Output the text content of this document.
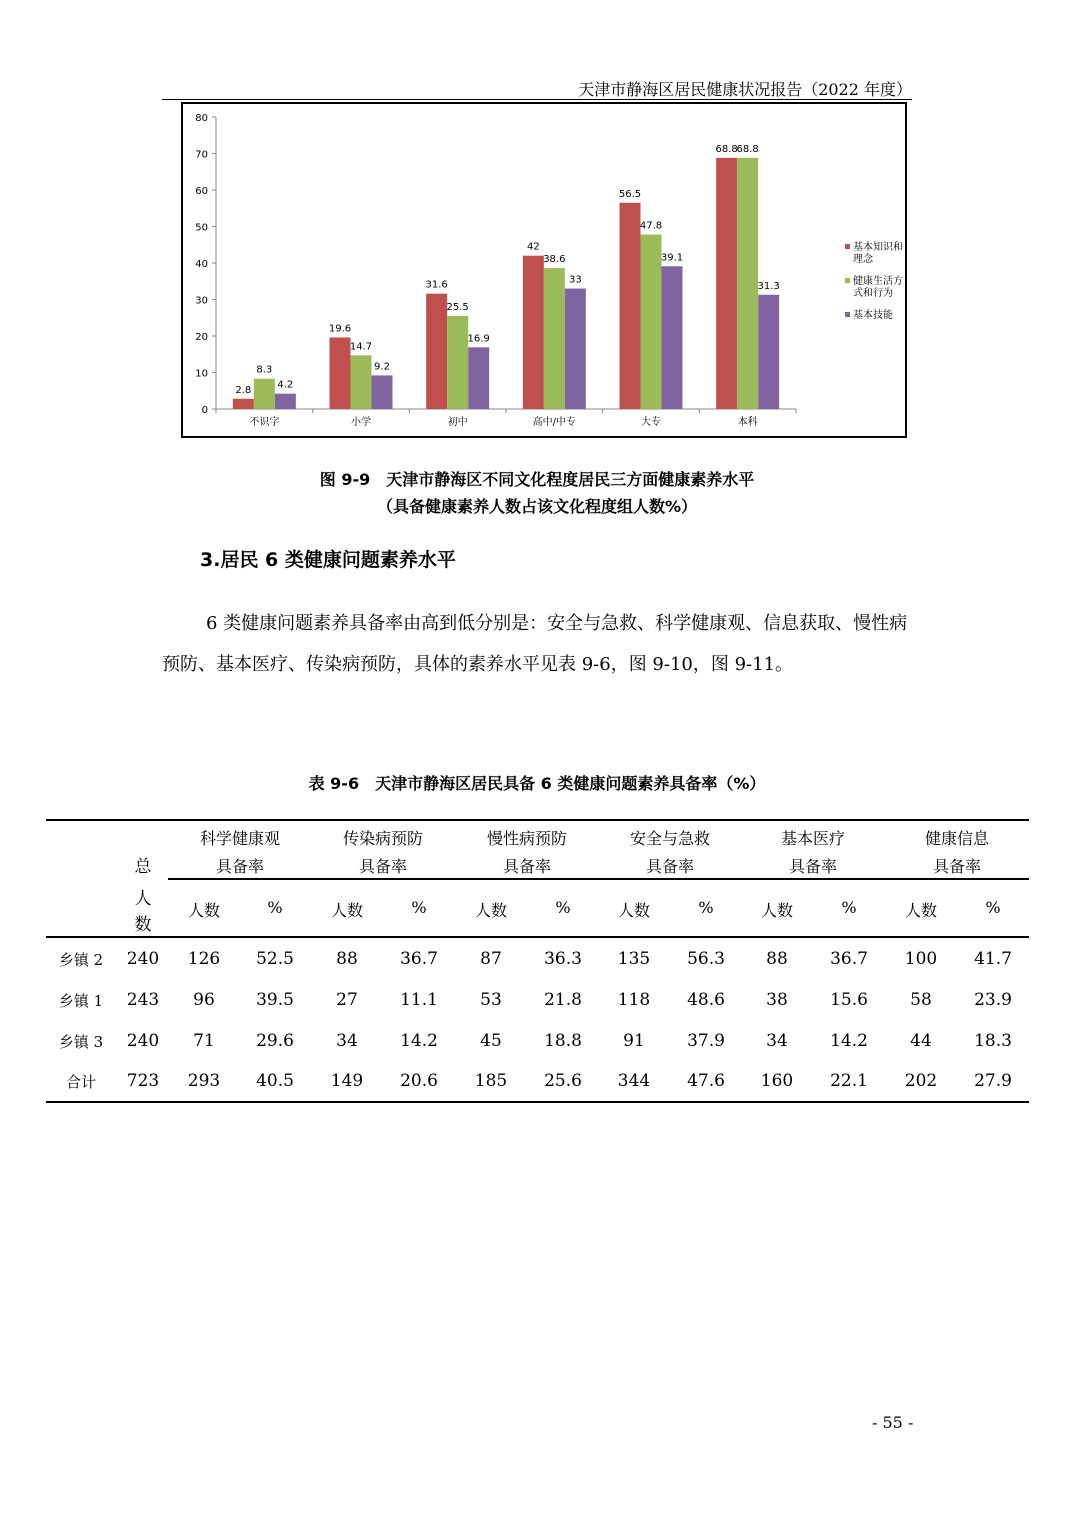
天津市静海区居民健康状况报告（2022 年度）
0
10
20
30
40
50
60
70
80
2.8
8.3
4.2
不识字
19.6
14.7
9.2
小学
31.6
25.5
16.9
初中
42
38.6
33
高中/中专
56.5
47.8
39.1
大专
68.8
68.8
31.3
本科
基本知识和
理念
健康生活方
式和行为
基本技能
图 9-9　天津市静海区不同文化程度居民三方面健康素养水平
（具备健康素养人数占该文化程度组人数%）
3.居民 6 类健康问题素养水平
6 类健康问题素养具备率由高到低分别是：安全与急救、科学健康观、信息获取、慢性病预防、基本医疗、传染病预防，具体的素养水平见表 9-6，图 9-10，图 9-11。
表 9-6　天津市静海区居民具备 6 类健康问题素养具备率（%）
总
人
数
科学健康观
具备率
传染病预防
具备率
慢性病预防
具备率
安全与急救
具备率
基本医疗
具备率
健康信息
具备率
人数	%	人数	%	人数	%	人数	%	人数	%	人数	%
乡镇 2	240	126	52.5	88	36.7	87	36.3	135	56.3	88	36.7	100	41.7
乡镇 1	243	96	39.5	27	11.1	53	21.8	118	48.6	38	15.6	58	23.9
乡镇 3	240	71	29.6	34	14.2	45	18.8	91	37.9	34	14.2	44	18.3
合计	723	293	40.5	149	20.6	185	25.6	344	47.6	160	22.1	202	27.9
- 55 -
